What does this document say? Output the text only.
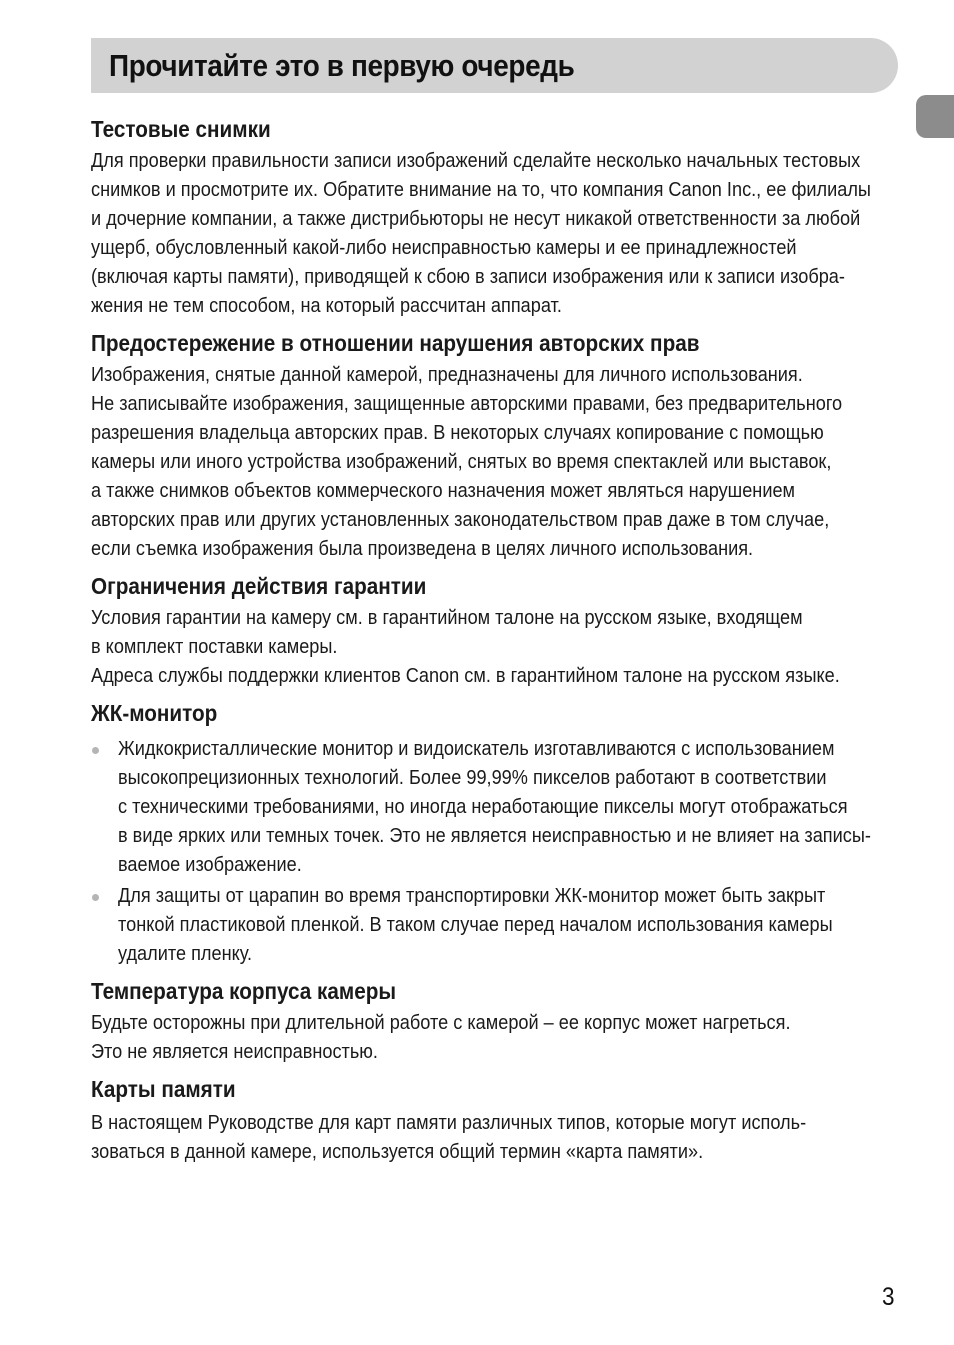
Прочитайте это в первую очередь
Тестовые снимки
Для проверки правильности записи изображений сделайте несколько начальных тестовых
снимков и просмотрите их. Обратите внимание на то, что компания Canon Inc., ее филиалы
и дочерние компании, а также дистрибьюторы не несут никакой ответственности за любой
ущерб, обусловленный какой-либо неисправностью камеры и ее принадлежностей
(включая карты памяти), приводящей к сбою в записи изображения или к записи изобра-
жения не тем способом, на который рассчитан аппарат.
Предостережение в отношении нарушения авторских прав
Изображения, снятые данной камерой, предназначены для личного использования.
Не записывайте изображения, защищенные авторскими правами, без предварительного
разрешения владельца авторских прав. В некоторых случаях копирование с помощью
камеры или иного устройства изображений, снятых во время спектаклей или выставок,
а также снимков объектов коммерческого назначения может являться нарушением
авторских прав или других установленных законодательством прав даже в том случае,
если съемка изображения была произведена в целях личного использования.
Ограничения действия гарантии
Условия гарантии на камеру см. в гарантийном талоне на русском языке, входящем
в комплект поставки камеры.
Адреса службы поддержки клиентов Canon см. в гарантийном талоне на русском языке.
ЖК-монитор
Жидкокристаллические монитор и видоискатель изготавливаются с использованием
высокопрецизионных технологий. Более 99,99% пикселов работают в соответствии
с техническими требованиями, но иногда неработающие пикселы могут отображаться
в виде ярких или темных точек. Это не является неисправностью и не влияет на записы-
ваемое изображение.
Для защиты от царапин во время транспортировки ЖК-монитор может быть закрыт
тонкой пластиковой пленкой. В таком случае перед началом использования камеры
удалите пленку.
Температура корпуса камеры
Будьте осторожны при длительной работе с камерой – ее корпус может нагреться.
Это не является неисправностью.
Карты памяти
В настоящем Руководстве для карт памяти различных типов, которые могут исполь-
зоваться в данной камере, используется общий термин «карта памяти».
3
